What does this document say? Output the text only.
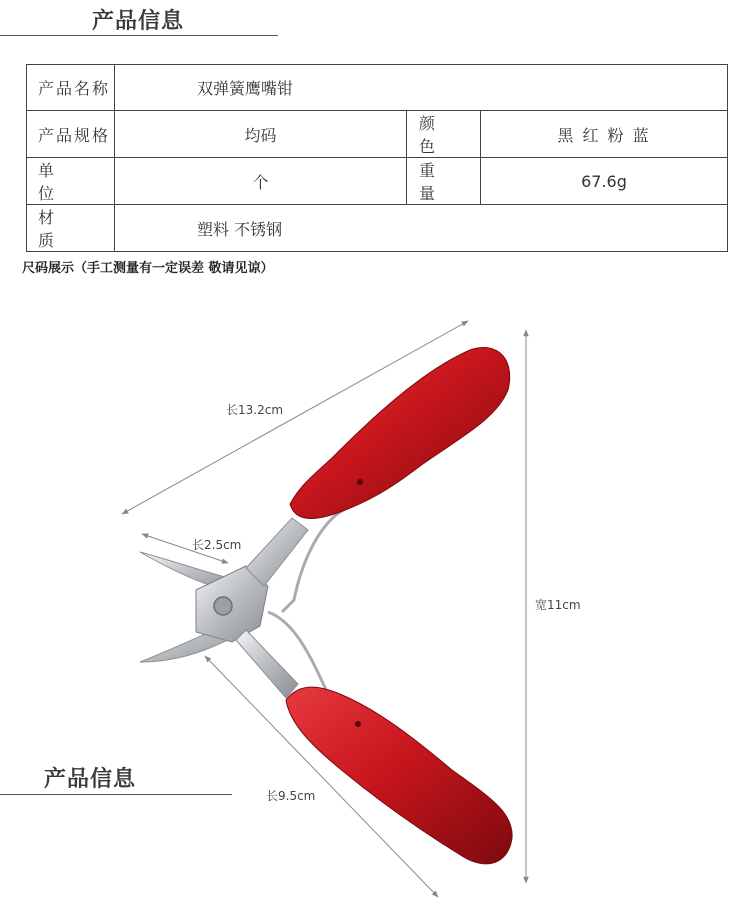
产品信息
产品名称	双弹簧鹰嘴钳		
产品规格	均码	颜 色	黑 红 粉 蓝
单 位	个	重 量	67.6g
材 质	塑料 不锈钢		
尺码展示（手工测量有一定误差 敬请见谅）
长13.2cm
长2.5cm
长9.5cm
宽11cm
产品信息
